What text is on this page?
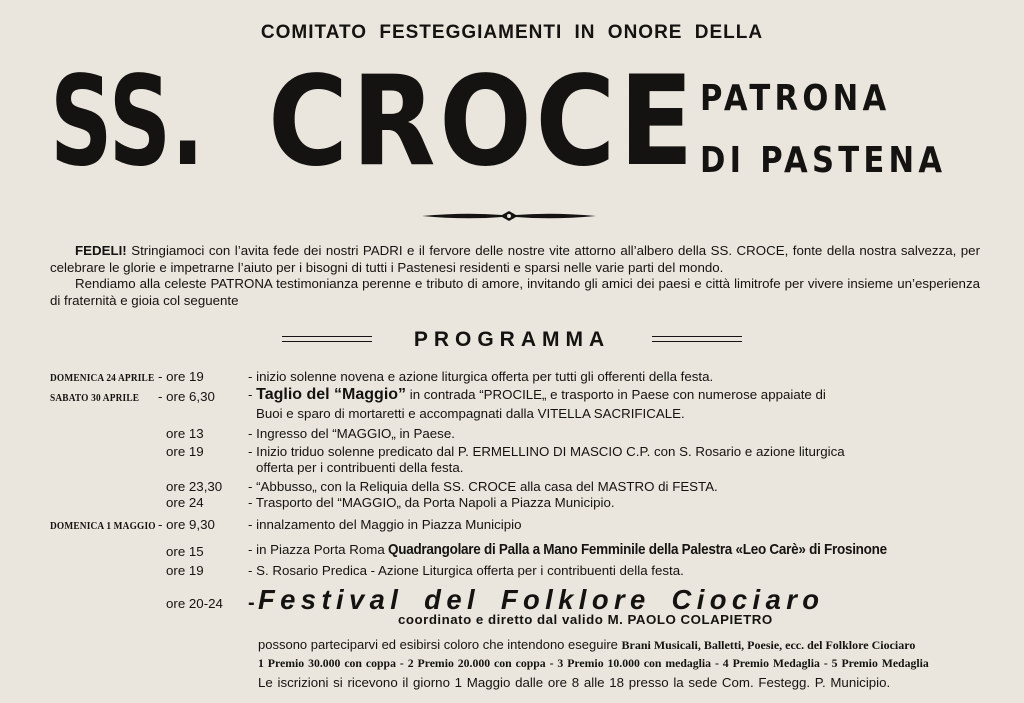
COMITATO FESTEGGIAMENTI IN ONORE DELLA
SS. CROCE PATRONA
DI PASTENA

FEDELI! Stringiamoci con l’avita fede dei nostri PADRI e il fervore delle nostre vite attorno all’albero della SS. CROCE, fonte della nostra salvezza, per celebrare le glorie e impetrarne l’aiuto per i bisogni di tutti i Pastenesi residenti e sparsi nelle varie parti del mondo.

Rendiamo alla celeste PATRONA testimonianza perenne e tributo di amore, invitando gli amici dei paesi e città limitrofe per vivere insieme un’esperienza di fraternità e gioia col seguente

PROGRAMMA
DOMENICA 24 APRILE - ore 19	- inizio solenne novena e azione liturgica offerta per tutti gli offerenti della festa.
SABATO 30 APRILE - ore 6,30 - Taglio del “Maggio” in contrada “PROCILE„ e trasporto in Paese con numerose appaiate di
Buoi e sparo di mortaretti e accompagnati dalla VITELLA SACRIFICALE.
ore 13	- Ingresso del “MAGGIO„ in Paese.
ore 19	- Inizio triduo solenne predicato dal P. ERMELLINO DI MASCIO C.P. con S. Rosario e azione liturgica
offerta per i contribuenti della festa.
ore 23,30 - “Abbusso„ con la Reliquia della SS. CROCE alla casa del MASTRO di FESTA.
ore 24	- Trasporto del “MAGGIO„ da Porta Napoli a Piazza Municipio.
DOMENICA 1 MAGGIO - ore 9,30 - innalzamento del Maggio in Piazza Municipio
ore 15	- in Piazza Porta Roma Quadrangolare di Palla a Mano Femminile della Palestra «Leo Carè» di Frosinone
ore 19	- S. Rosario Predica - Azione Liturgica offerta per i contribuenti della festa.
ore 20-24 - Festival del Folklore Ciociaro
coordinato e diretto dal valido M. PAOLO COLAPIETRO
possono parteciparvi ed esibirsi coloro che intendono eseguire Brani Musicali, Balletti, Poesie, ecc. del Folklore Ciociaro
1 Premio 30.000 con coppa - 2 Premio 20.000 con coppa - 3 Premio 10.000 con medaglia - 4 Premio Medaglia - 5 Premio Medaglia
Le iscrizioni si ricevono il giorno 1 Maggio dalle ore 8 alle 18 presso la sede Com. Festegg. P. Municipio.
